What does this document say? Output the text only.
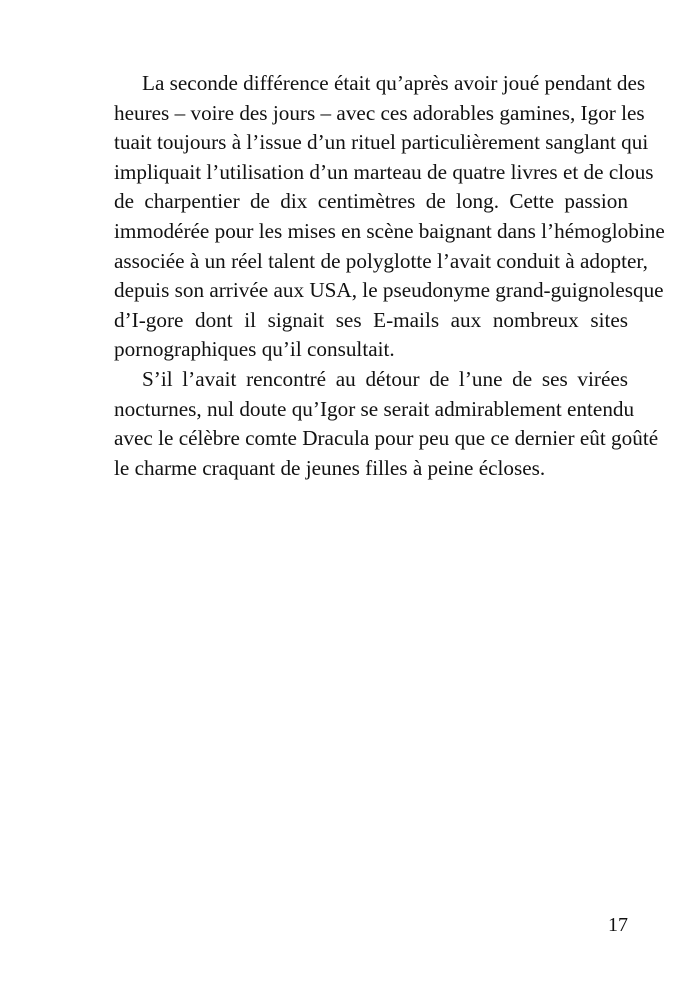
La seconde différence était qu’après avoir joué pendant des
heures – voire des jours – avec ces adorables gamines, Igor les
tuait toujours à l’issue d’un rituel particulièrement sanglant qui
impliquait l’utilisation d’un marteau de quatre livres et de clous
de charpentier de dix centimètres de long. Cette passion
immodérée pour les mises en scène baignant dans l’hémoglobine
associée à un réel talent de polyglotte l’avait conduit à adopter,
depuis son arrivée aux USA, le pseudonyme grand-guignolesque
d’I-gore dont il signait ses E-mails aux nombreux sites
pornographiques qu’il consultait.
S’il l’avait rencontré au détour de l’une de ses virées
nocturnes, nul doute qu’Igor se serait admirablement entendu
avec le célèbre comte Dracula pour peu que ce dernier eût goûté
le charme craquant de jeunes filles à peine écloses.
17
